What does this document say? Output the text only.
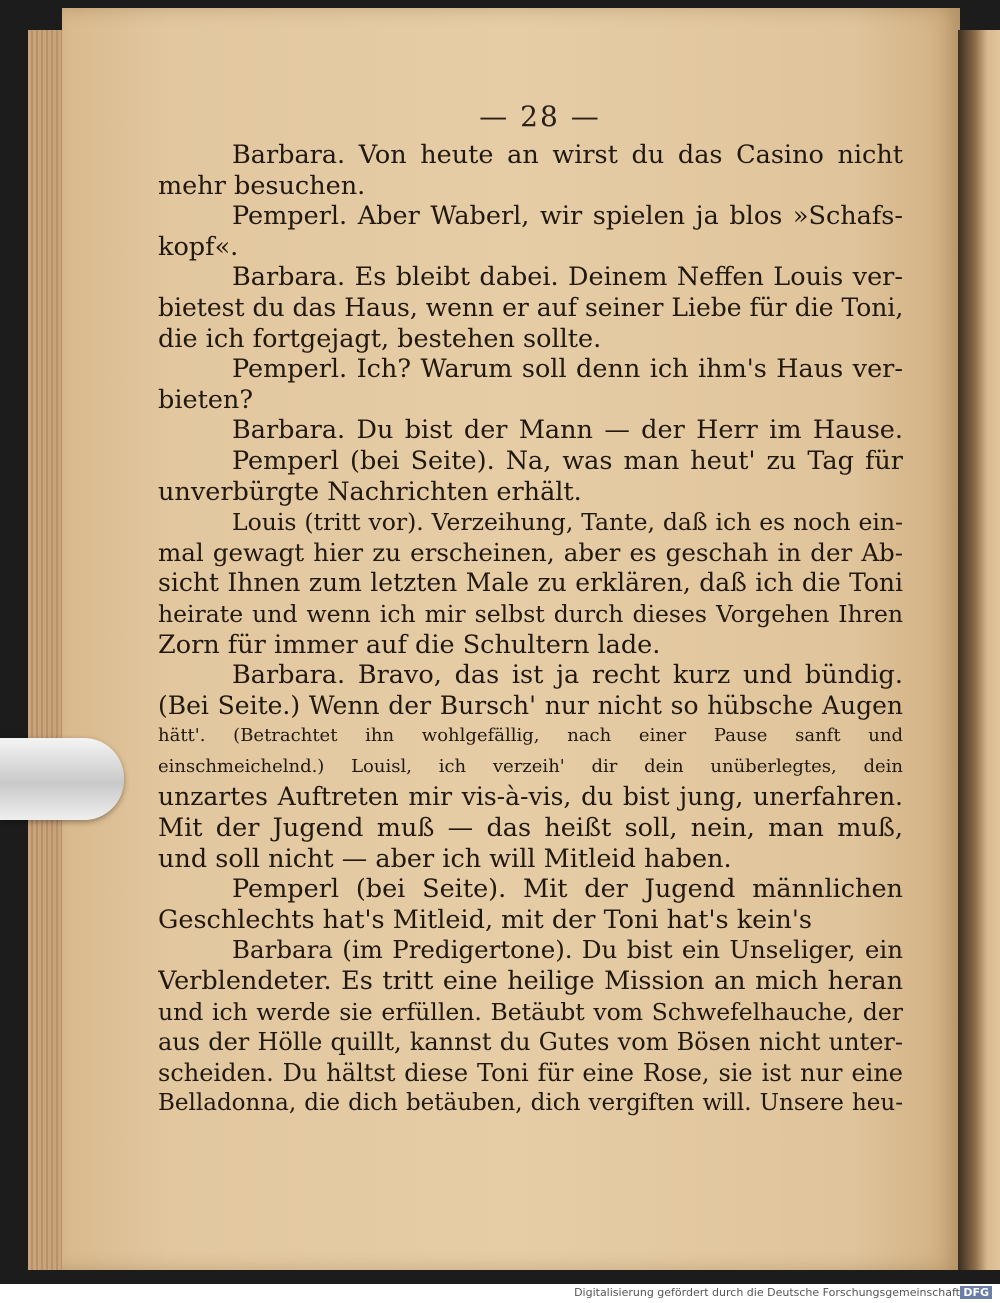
— 28 —
Barbara. Von heute an wirst du das Casino nicht
mehr besuchen.
Pemperl. Aber Waberl, wir spielen ja blos »Schafs-
kopf«.
Barbara. Es bleibt dabei. Deinem Neffen Louis ver-
bietest du das Haus, wenn er auf seiner Liebe für die Toni,
die ich fortgejagt, bestehen sollte.
Pemperl. Ich? Warum soll denn ich ihm's Haus ver-
bieten?
Barbara. Du bist der Mann — der Herr im Hause.
Pemperl (bei Seite). Na, was man heut' zu Tag für
unverbürgte Nachrichten erhält.
Louis (tritt vor). Verzeihung, Tante, daß ich es noch ein-
mal gewagt hier zu erscheinen, aber es geschah in der Ab-
sicht Ihnen zum letzten Male zu erklären, daß ich die Toni
heirate und wenn ich mir selbst durch dieses Vorgehen Ihren
Zorn für immer auf die Schultern lade.
Barbara. Bravo, das ist ja recht kurz und bündig.
(Bei Seite.) Wenn der Bursch' nur nicht so hübsche Augen
hätt'. (Betrachtet ihn wohlgefällig, nach einer Pause sanft und
einschmeichelnd.) Louisl, ich verzeih' dir dein unüberlegtes, dein
unzartes Auftreten mir vis-à-vis, du bist jung, unerfahren.
Mit der Jugend muß — das heißt soll, nein, man muß,
und soll nicht — aber ich will Mitleid haben.
Pemperl (bei Seite). Mit der Jugend männlichen
Geschlechts hat's Mitleid, mit der Toni hat's kein's
Barbara (im Predigertone). Du bist ein Unseliger, ein
Verblendeter. Es tritt eine heilige Mission an mich heran
und ich werde sie erfüllen. Betäubt vom Schwefelhauche, der
aus der Hölle quillt, kannst du Gutes vom Bösen nicht unter-
scheiden. Du hältst diese Toni für eine Rose, sie ist nur eine
Belladonna, die dich betäuben, dich vergiften will. Unsere heu-
Digitalisierung gefördert durch die Deutsche Forschungsgemeinschaft DFG
